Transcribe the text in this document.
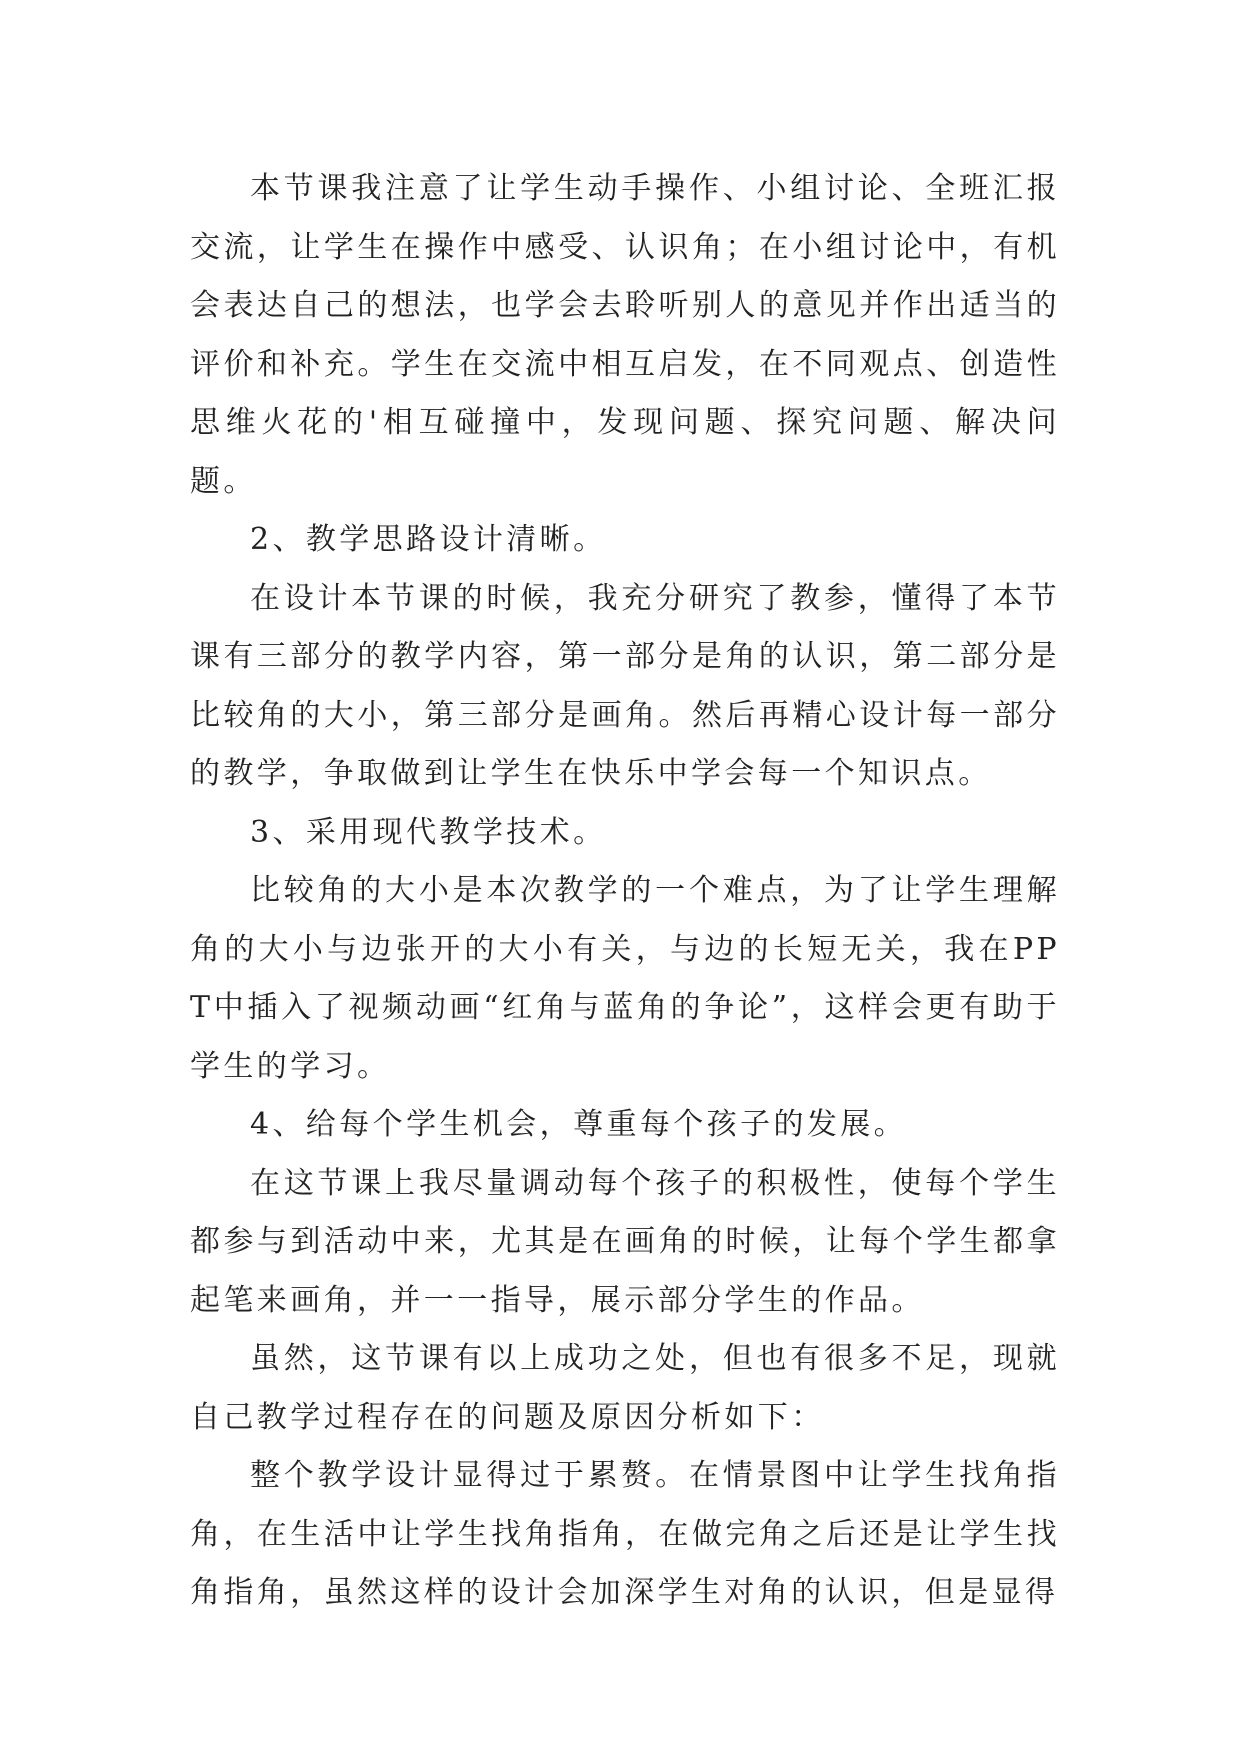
本节课我注意了让学生动手操作、小组讨论、全班汇报交流，让学生在操作中感受、认识角；在小组讨论中，有机会表达自己的想法，也学会去聆听别人的意见并作出适当的评价和补充。学生在交流中相互启发，在不同观点、创造性思维火花的'相互碰撞中，发现问题、探究问题、解决问题。

2、教学思路设计清晰。

在设计本节课的时候，我充分研究了教参，懂得了本节课有三部分的教学内容，第一部分是角的认识，第二部分是比较角的大小，第三部分是画角。然后再精心设计每一部分的教学，争取做到让学生在快乐中学会每一个知识点。

3、采用现代教学技术。

比较角的大小是本次教学的一个难点，为了让学生理解角的大小与边张开的大小有关，与边的长短无关，我在PPT中插入了视频动画“红角与蓝角的争论”，这样会更有助于学生的学习。

4、给每个学生机会，尊重每个孩子的发展。

在这节课上我尽量调动每个孩子的积极性，使每个学生都参与到活动中来，尤其是在画角的时候，让每个学生都拿起笔来画角，并一一指导，展示部分学生的作品。

虽然，这节课有以上成功之处，但也有很多不足，现就自己教学过程存在的问题及原因分析如下：

整个教学设计显得过于累赘。在情景图中让学生找角指角，在生活中让学生找角指角，在做完角之后还是让学生找角指角，虽然这样的设计会加深学生对角的认识，但是显得
